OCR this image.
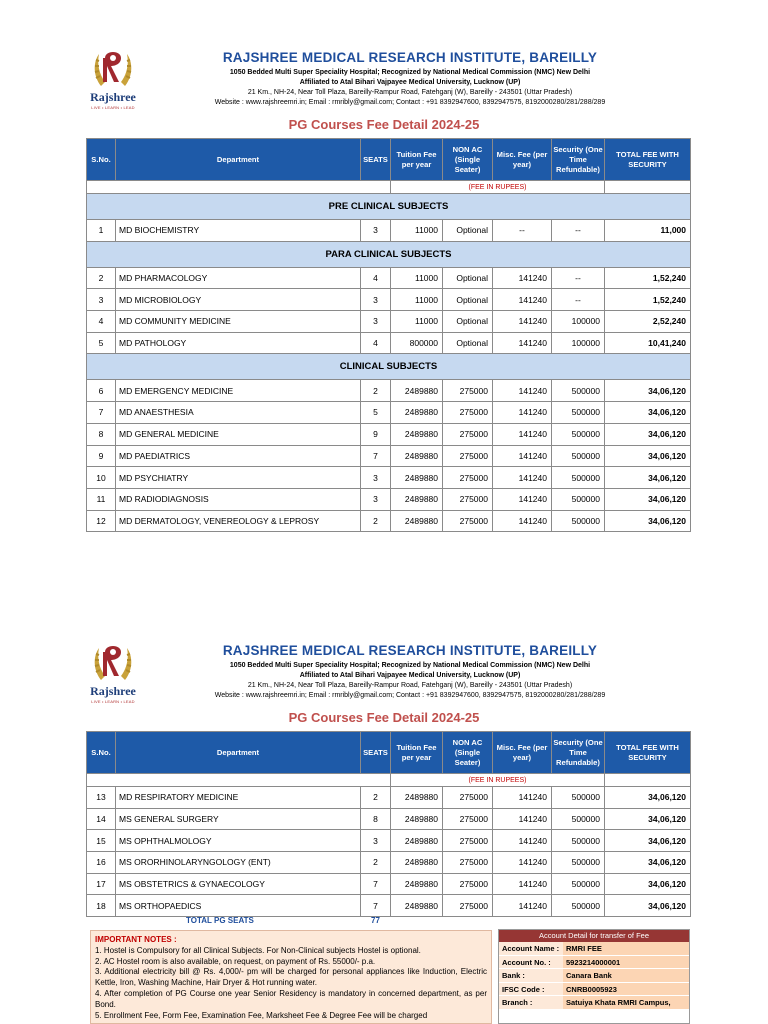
Rajshree
LIVE • LEARN • LEAD
RAJSHREE MEDICAL RESEARCH INSTITUTE, BAREILLY
1050 Bedded Multi Super Speciality Hospital; Recognized by National Medical Commission (NMC) New Delhi
Affiliated to Atal Bihari Vajpayee Medical University, Lucknow (UP)
21 Km., NH-24, Near Toll Plaza, Bareilly-Rampur Road, Fatehganj (W), Bareilly - 243501 (Uttar Pradesh)
Website : www.rajshreemri.in; Email : rmribly@gmail.com; Contact : +91 8392947600, 8392947575, 8192000280/281/288/289
PG Courses Fee Detail 2024-25
S.No.	Department	SEATS	Tuition Fee per year	NON AC (Single Seater)	Misc. Fee (per year)	Security (One Time Refundable)	TOTAL FEE WITH SECURITY
			(FEE IN RUPEES)				
PRE CLINICAL SUBJECTS							
1	MD BIOCHEMISTRY	3	11000	Optional	--	--	11,000
PARA CLINICAL SUBJECTS							
2	MD PHARMACOLOGY	4	11000	Optional	141240	--	1,52,240
3	MD MICROBIOLOGY	3	11000	Optional	141240	--	1,52,240
4	MD COMMUNITY MEDICINE	3	11000	Optional	141240	100000	2,52,240
5	MD PATHOLOGY	4	800000	Optional	141240	100000	10,41,240
CLINICAL SUBJECTS							
6	MD EMERGENCY MEDICINE	2	2489880	275000	141240	500000	34,06,120
7	MD ANAESTHESIA	5	2489880	275000	141240	500000	34,06,120
8	MD GENERAL MEDICINE	9	2489880	275000	141240	500000	34,06,120
9	MD PAEDIATRICS	7	2489880	275000	141240	500000	34,06,120
10	MD PSYCHIATRY	3	2489880	275000	141240	500000	34,06,120
11	MD RADIODIAGNOSIS	3	2489880	275000	141240	500000	34,06,120
12	MD DERMATOLOGY, VENEREOLOGY & LEPROSY	2	2489880	275000	141240	500000	34,06,120
Rajshree
LIVE • LEARN • LEAD
RAJSHREE MEDICAL RESEARCH INSTITUTE, BAREILLY
1050 Bedded Multi Super Speciality Hospital; Recognized by National Medical Commission (NMC) New Delhi
Affiliated to Atal Bihari Vajpayee Medical University, Lucknow (UP)
21 Km., NH-24, Near Toll Plaza, Bareilly-Rampur Road, Fatehganj (W), Bareilly - 243501 (Uttar Pradesh)
Website : www.rajshreemri.in; Email : rmribly@gmail.com; Contact : +91 8392947600, 8392947575, 8192000280/281/288/289
PG Courses Fee Detail 2024-25
S.No.	Department	SEATS	Tuition Fee per year	NON AC (Single Seater)	Misc. Fee (per year)	Security (One Time Refundable)	TOTAL FEE WITH SECURITY
			(FEE IN RUPEES)				
13	MD RESPIRATORY MEDICINE	2	2489880	275000	141240	500000	34,06,120
14	MS GENERAL SURGERY	8	2489880	275000	141240	500000	34,06,120
15	MS OPHTHALMOLOGY	3	2489880	275000	141240	500000	34,06,120
16	MS ORORHINOLARYNGOLOGY (ENT)	2	2489880	275000	141240	500000	34,06,120
17	MS OBSTETRICS & GYNAECOLOGY	7	2489880	275000	141240	500000	34,06,120
18	MS ORTHOPAEDICS	7	2489880	275000	141240	500000	34,06,120
TOTAL PG SEATS	77
IMPORTANT NOTES :

1. Hostel is Compulsory for all Clinical Subjects. For Non-Clinical subjects Hostel is optional.

2. AC Hostel room is also available, on request, on payment of Rs. 55000/- p.a.

3. Additional electricity bill @ Rs. 4,000/- pm will be charged for personal appliances like Induction, Electric Kettle, Iron, Washing Machine, Hair Dryer & Hot running water.

4. After completion of PG Course one year Senior Residency is mandatory in concerned department, as per Bond.

5. Enrollment Fee, Form Fee, Examination Fee, Marksheet Fee & Degree Fee will be charged

Account Detail for transfer of Fee
Account Name : RMRI FEE
Account No. :	5923214000001
Bank :	Canara Bank
IFSC Code :	CNRB0005923
Branch :	Satuiya Khata RMRI Campus,
